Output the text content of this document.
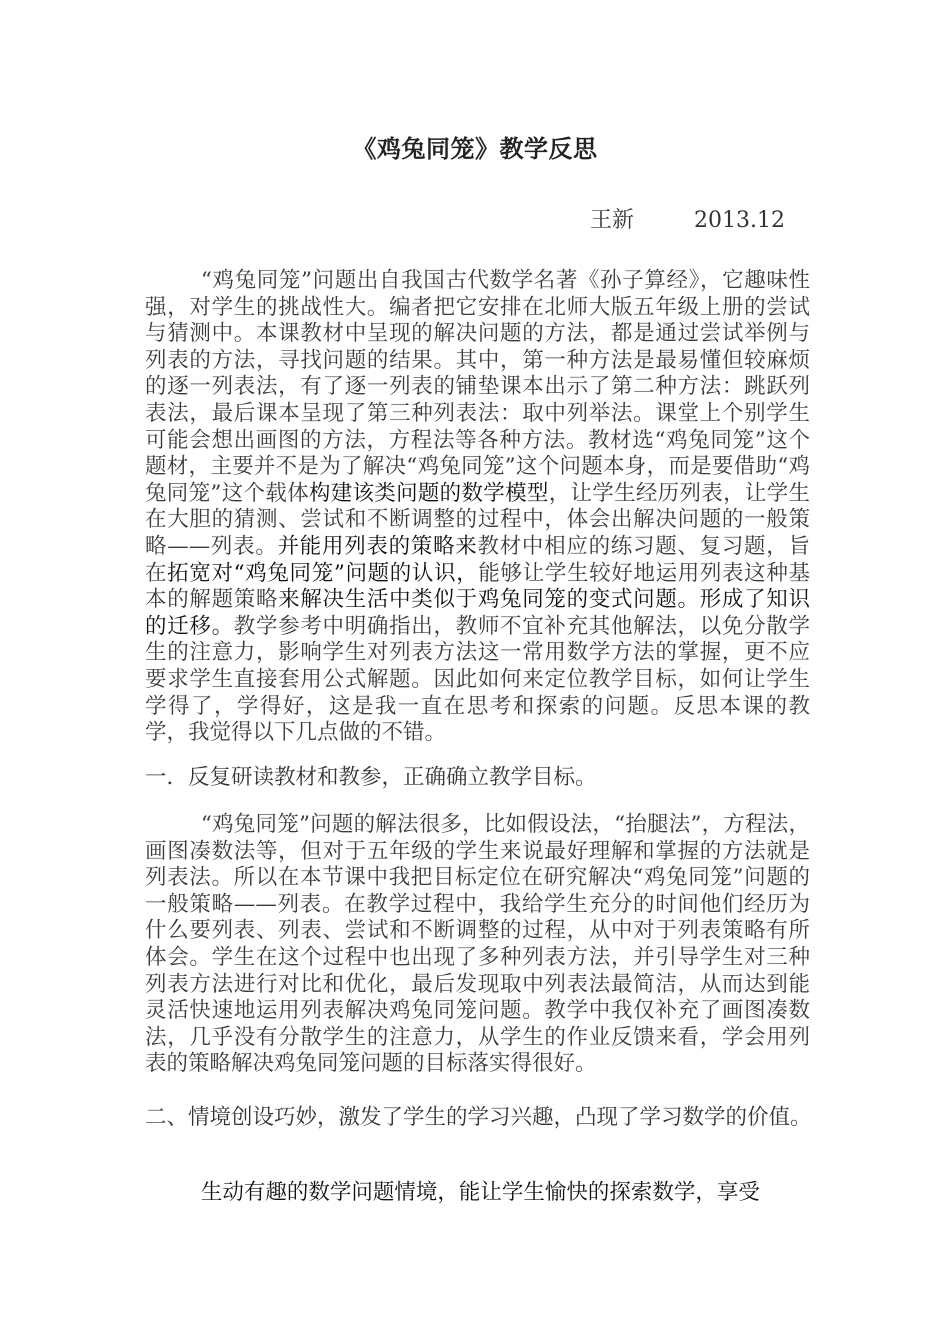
《鸡兔同笼》教学反思
王新	2013.12
“鸡兔同笼”问题出自我国古代数学名著《孙子算经》，它趣味性强，对学生的挑战性大。编者把它安排在北师大版五年级上册的尝试与猜测中。本课教材中呈现的解决问题的方法，都是通过尝试举例与列表的方法，寻找问题的结果。其中，第一种方法是最易懂但较麻烦的逐一列表法，有了逐一列表的铺垫课本出示了第二种方法：跳跃列表法，最后课本呈现了第三种列表法：取中列举法。课堂上个别学生可能会想出画图的方法，方程法等各种方法。教材选“鸡兔同笼”这个题材，主要并不是为了解决“鸡兔同笼”这个问题本身，而是要借助“鸡兔同笼”这个载体构建该类问题的数学模型，让学生经历列表，让学生在大胆的猜测、尝试和不断调整的过程中，体会出解决问题的一般策略——列表。并能用列表的策略来教材中相应的练习题、复习题，旨在拓宽对“鸡兔同笼”问题的认识，能够让学生较好地运用列表这种基本的解题策略来解决生活中类似于鸡兔同笼的变式问题。形成了知识的迁移。教学参考中明确指出，教师不宜补充其他解法，以免分散学生的注意力，影响学生对列表方法这一常用数学方法的掌握，更不应要求学生直接套用公式解题。因此如何来定位教学目标，如何让学生学得了，学得好，这是我一直在思考和探索的问题。反思本课的教学，我觉得以下几点做的不错。
一．反复研读教材和教参，正确确立教学目标。
“鸡兔同笼”问题的解法很多，比如假设法，“抬腿法”，方程法，画图凑数法等，但对于五年级的学生来说最好理解和掌握的方法就是列表法。所以在本节课中我把目标定位在研究解决“鸡兔同笼”问题的一般策略——列表。在教学过程中，我给学生充分的时间他们经历为什么要列表、列表、尝试和不断调整的过程，从中对于列表策略有所体会。学生在这个过程中也出现了多种列表方法，并引导学生对三种列表方法进行对比和优化，最后发现取中列表法最简洁，从而达到能灵活快速地运用列表解决鸡兔同笼问题。教学中我仅补充了画图凑数法，几乎没有分散学生的注意力，从学生的作业反馈来看，学会用列表的策略解决鸡兔同笼问题的目标落实得很好。
二、情境创设巧妙，激发了学生的学习兴趣，凸现了学习数学的价值。
生动有趣的数学问题情境，能让学生愉快的探索数学，享受
